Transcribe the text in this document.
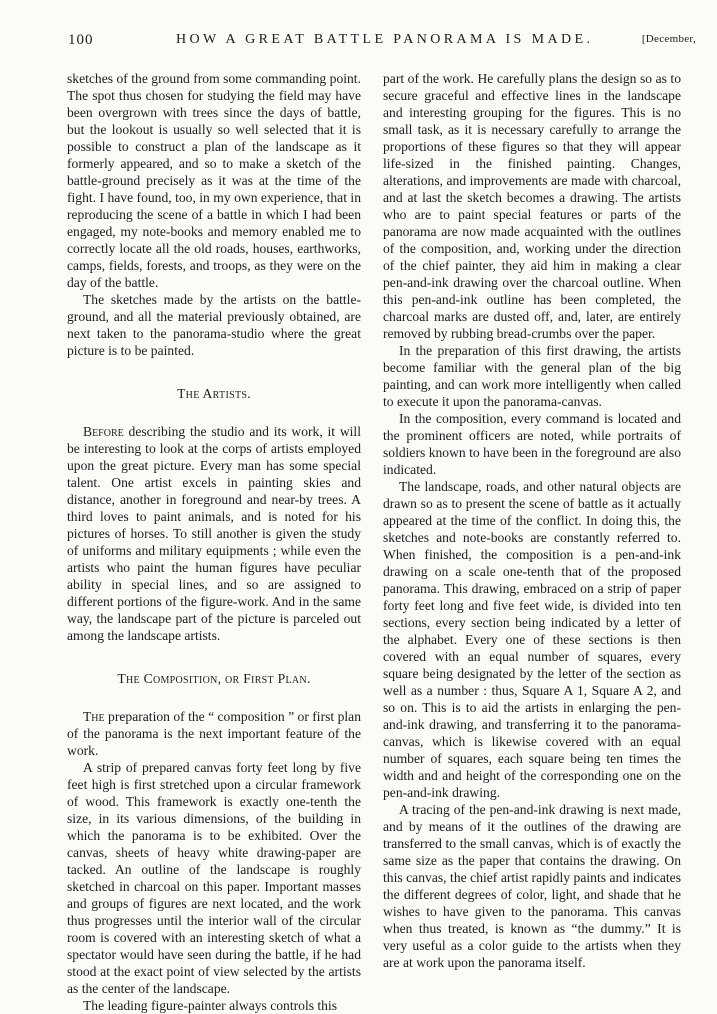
100	HOW A GREAT BATTLE PANORAMA IS MADE.	[December,

sketches of the ground from some commanding point. The spot thus chosen for studying the field may have been overgrown with trees since the days of battle, but the lookout is usually so well selected that it is possible to construct a plan of the landscape as it formerly appeared, and so to make a sketch of the battle-ground precisely as it was at the time of the fight. I have found, too, in my own experience, that in reproducing the scene of a battle in which I had been engaged, my note-books and memory enabled me to correctly locate all the old roads, houses, earthworks, camps, fields, forests, and troops, as they were on the day of the battle.

The sketches made by the artists on the battle-ground, and all the material previously obtained, are next taken to the panorama-studio where the great picture is to be painted.

The Artists.

Before describing the studio and its work, it will be interesting to look at the corps of artists employed upon the great picture. Every man has some special talent. One artist excels in painting skies and distance, another in foreground and near-by trees. A third loves to paint animals, and is noted for his pictures of horses. To still another is given the study of uniforms and military equipments ; while even the artists who paint the human figures have peculiar ability in special lines, and so are assigned to different portions of the figure-work. And in the same way, the landscape part of the picture is parceled out among the landscape artists.

The Composition, or First Plan.

The preparation of the “ composition ” or first plan of the panorama is the next important feature of the work.

A strip of prepared canvas forty feet long by five feet high is first stretched upon a circular framework of wood. This framework is exactly one-tenth the size, in its various dimensions, of the building in which the panorama is to be exhibited. Over the canvas, sheets of heavy white drawing-paper are tacked. An outline of the landscape is roughly sketched in charcoal on this paper. Important masses and groups of figures are next located, and the work thus progresses until the interior wall of the circular room is covered with an interesting sketch of what a spectator would have seen during the battle, if he had stood at the exact point of view selected by the artists as the center of the landscape.

The leading figure-painter always controls this

part of the work. He carefully plans the design so as to secure graceful and effective lines in the landscape and interesting grouping for the figures. This is no small task, as it is necessary carefully to arrange the proportions of these figures so that they will appear life-sized in the finished painting. Changes, alterations, and improvements are made with charcoal, and at last the sketch becomes a drawing. The artists who are to paint special features or parts of the panorama are now made acquainted with the outlines of the composition, and, working under the direction of the chief painter, they aid him in making a clear pen-and-ink drawing over the charcoal outline. When this pen-and-ink outline has been completed, the charcoal marks are dusted off, and, later, are entirely removed by rubbing bread-crumbs over the paper.

In the preparation of this first drawing, the artists become familiar with the general plan of the big painting, and can work more intelligently when called to execute it upon the panorama-canvas.

In the composition, every command is located and the prominent officers are noted, while portraits of soldiers known to have been in the foreground are also indicated.

The landscape, roads, and other natural objects are drawn so as to present the scene of battle as it actually appeared at the time of the conflict. In doing this, the sketches and note-books are constantly referred to. When finished, the composition is a pen-and-ink drawing on a scale one-tenth that of the proposed panorama. This drawing, embraced on a strip of paper forty feet long and five feet wide, is divided into ten sections, every section being indicated by a letter of the alphabet. Every one of these sections is then covered with an equal number of squares, every square being designated by the letter of the section as well as a number : thus, Square A 1, Square A 2, and so on. This is to aid the artists in enlarging the pen-and-ink drawing, and transferring it to the panorama-canvas, which is likewise covered with an equal number of squares, each square being ten times the width and and height of the corresponding one on the pen-and-ink drawing.

A tracing of the pen-and-ink drawing is next made, and by means of it the outlines of the drawing are transferred to the small canvas, which is of exactly the same size as the paper that contains the drawing. On this canvas, the chief artist rapidly paints and indicates the different degrees of color, light, and shade that he wishes to have given to the panorama. This canvas when thus treated, is known as “the dummy.” It is very useful as a color guide to the artists when they are at work upon the panorama itself.
